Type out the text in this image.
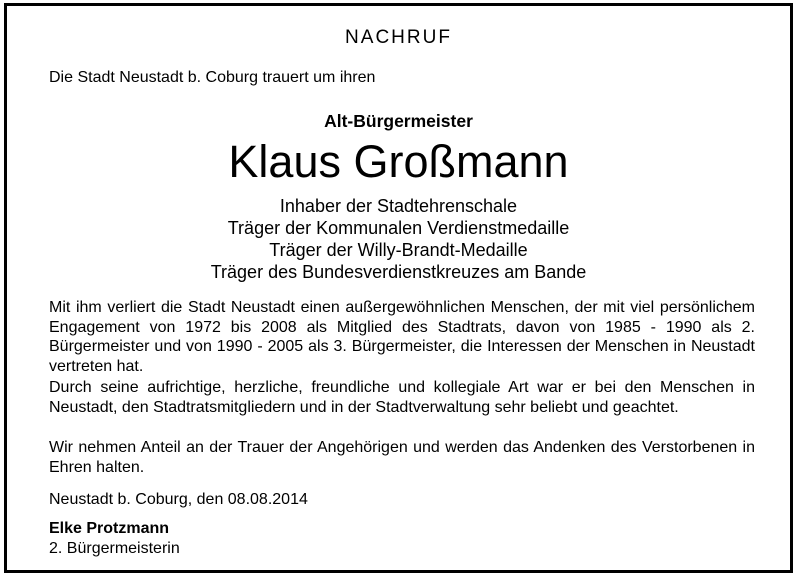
NACHRUF
Die Stadt Neustadt b. Coburg trauert um ihren
Alt-Bürgermeister
Klaus Großmann
Inhaber der Stadtehrenschale
Träger der Kommunalen Verdienstmedaille
Träger der Willy-Brandt-Medaille
Träger des Bundesverdienstkreuzes am Bande

Mit ihm verliert die Stadt Neustadt einen außergewöhnlichen Menschen, der mit viel persönlichem Engagement von 1972 bis 2008 als Mitglied des Stadtrats, davon von 1985 - 1990 als 2. Bürgermeister und von 1990 - 2005 als 3. Bürgermeister, die Interessen der Menschen in Neustadt vertreten hat.

Durch seine aufrichtige, herzliche, freundliche und kollegiale Art war er bei den Menschen in Neustadt, den Stadtratsmitgliedern und in der Stadtverwaltung sehr beliebt und geachtet.

Wir nehmen Anteil an der Trauer der Angehörigen und werden das Andenken des Verstorbenen in Ehren halten.

Neustadt b. Coburg, den 08.08.2014
Elke Protzmann
2. Bürgermeisterin
